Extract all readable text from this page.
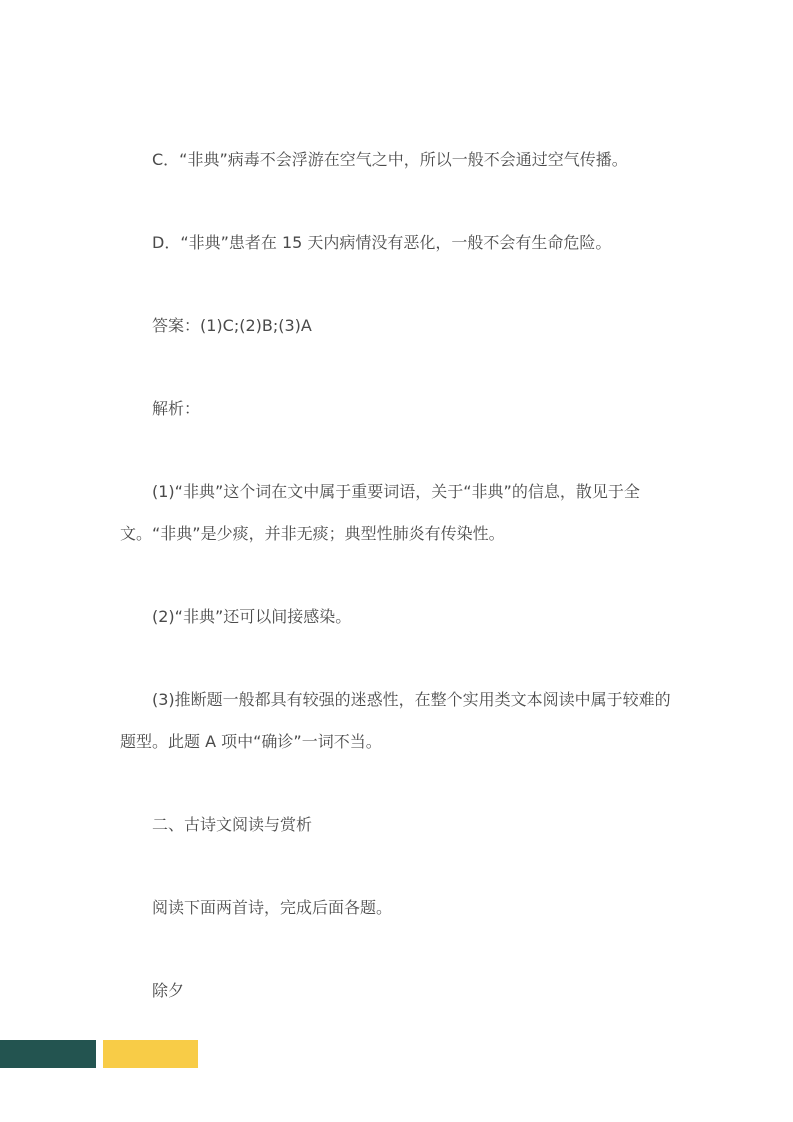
C．“非典”病毒不会浮游在空气之中，所以一般不会通过空气传播。

D．“非典”患者在 15 天内病情没有恶化，一般不会有生命危险。

答案：(1)C;(2)B;(3)A

解析：

(1)“非典”这个词在文中属于重要词语，关于“非典”的信息，散见于全文。“非典”是少痰，并非无痰；典型性肺炎有传染性。

(2)“非典”还可以间接感染。

(3)推断题一般都具有较强的迷惑性，在整个实用类文本阅读中属于较难的题型。此题 A 项中“确诊”一词不当。

二、古诗文阅读与赏析

阅读下面两首诗，完成后面各题。

除夕
